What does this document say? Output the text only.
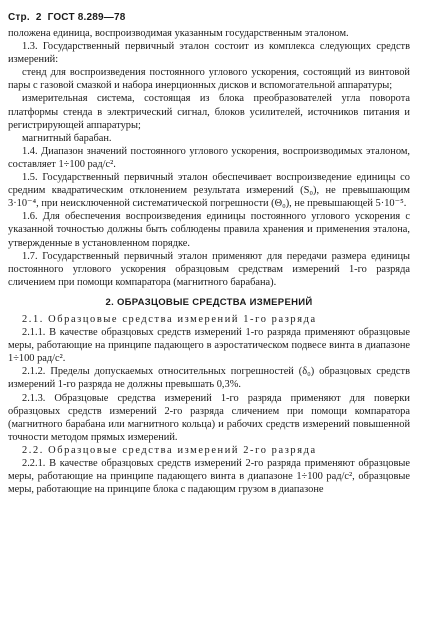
Стр. 2 ГОСТ 8.289—78

положена единица, воспроизводимая указанным государственным эталоном.

1.3. Государственный первичный эталон состоит из комплекса следующих средств измерений:

стенд для воспроизведения постоянного углового ускорения, состоящий из винтовой пары с газовой смазкой и набора инерционных дисков и вспомогательной аппаратуры;

измерительная система, состоящая из блока преобразователей угла поворота платформы стенда в электрический сигнал, блоков усилителей, источников питания и регистрирующей аппаратуры;

магнитный барабан.

1.4. Диапазон значений постоянного углового ускорения, воспроизводимых эталоном, составляет 1÷100 рад/с².

1.5. Государственный первичный эталон обеспечивает воспроизведение единицы со средним квадратическим отклонением результата измерений (S₀), не превышающим 3·10⁻⁴, при неисключенной систематической погрешности (Θ₀), не превышающей 5·10⁻⁵.

1.6. Для обеспечения воспроизведения единицы постоянного углового ускорения с указанной точностью должны быть соблюдены правила хранения и применения эталона, утвержденные в установленном порядке.

1.7. Государственный первичный эталон применяют для передачи размера единицы постоянного углового ускорения образцовым средствам измерений 1-го разряда сличением при помощи компаратора (магнитного барабана).

2. ОБРАЗЦОВЫЕ СРЕДСТВА ИЗМЕРЕНИЙ

2.1. Образцовые средства измерений 1-го разряда

2.1.1. В качестве образцовых средств измерений 1-го разряда применяют образцовые меры, работающие на принципе падающего в аэростатическом подвесе винта в диапазоне 1÷100 рад/с².

2.1.2. Пределы допускаемых относительных погрешностей (δ₀) образцовых средств измерений 1-го разряда не должны превышать 0,3%.

2.1.3. Образцовые средства измерений 1-го разряда применяют для поверки образцовых средств измерений 2-го разряда сличением при помощи компаратора (магнитного барабана или магнитного кольца) и рабочих средств измерений повышенной точности методом прямых измерений.

2.2. Образцовые средства измерений 2-го разряда

2.2.1. В качестве образцовых средств измерений 2-го разряда применяют образцовые меры, работающие на принципе падающего винта в диапазоне 1÷100 рад/с², образцовые меры, работающие на принципе блока с падающим грузом в диапазоне
